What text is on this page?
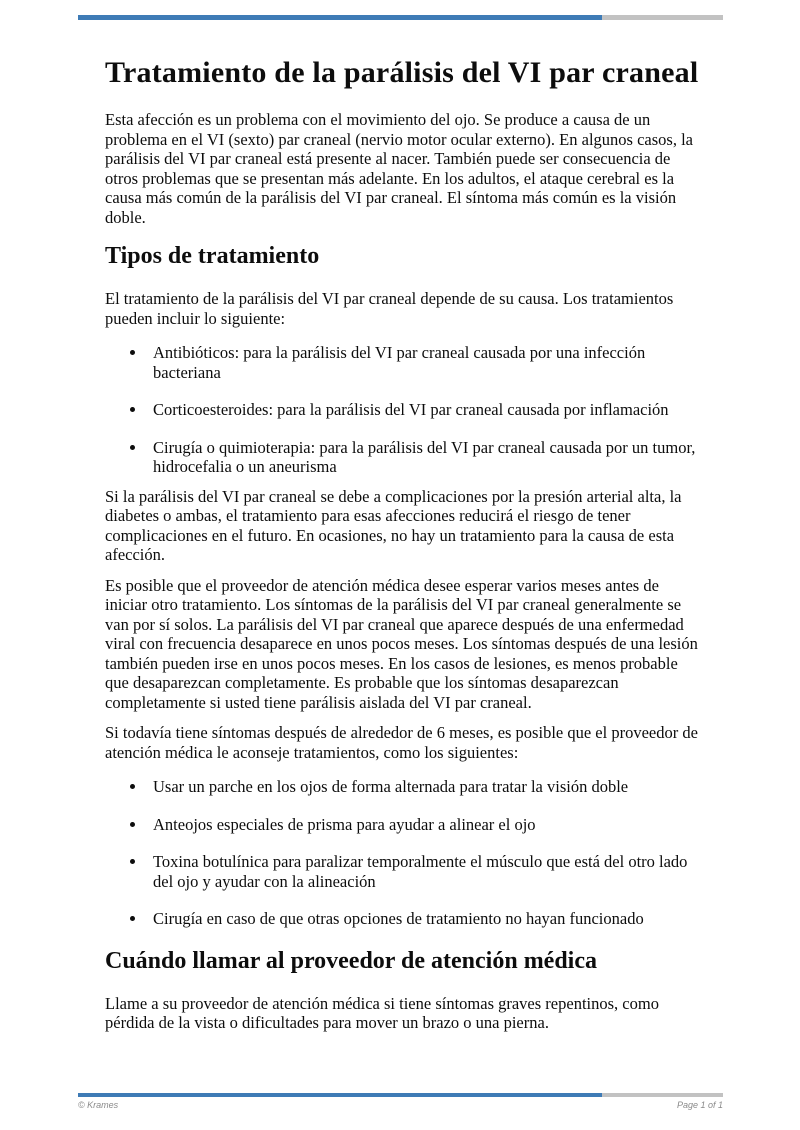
Tratamiento de la parálisis del VI par craneal

Esta afección es un problema con el movimiento del ojo. Se produce a causa de un problema en el VI (sexto) par craneal (nervio motor ocular externo). En algunos casos, la parálisis del VI par craneal está presente al nacer. También puede ser consecuencia de otros problemas que se presentan más adelante. En los adultos, el ataque cerebral es la causa más común de la parálisis del VI par craneal. El síntoma más común es la visión doble.

Tipos de tratamiento

El tratamiento de la parálisis del VI par craneal depende de su causa. Los tratamientos pueden incluir lo siguiente:

• Antibióticos: para la parálisis del VI par craneal causada por una infección bacteriana
• Corticoesteroides: para la parálisis del VI par craneal causada por inflamación
• Cirugía o quimioterapia: para la parálisis del VI par craneal causada por un tumor, hidrocefalia o un aneurisma

Si la parálisis del VI par craneal se debe a complicaciones por la presión arterial alta, la diabetes o ambas, el tratamiento para esas afecciones reducirá el riesgo de tener complicaciones en el futuro. En ocasiones, no hay un tratamiento para la causa de esta afección.

Es posible que el proveedor de atención médica desee esperar varios meses antes de iniciar otro tratamiento. Los síntomas de la parálisis del VI par craneal generalmente se van por sí solos. La parálisis del VI par craneal que aparece después de una enfermedad viral con frecuencia desaparece en unos pocos meses. Los síntomas después de una lesión también pueden irse en unos pocos meses. En los casos de lesiones, es menos probable que desaparezcan completamente. Es probable que los síntomas desaparezcan completamente si usted tiene parálisis aislada del VI par craneal.

Si todavía tiene síntomas después de alrededor de 6 meses, es posible que el proveedor de atención médica le aconseje tratamientos, como los siguientes:

• Usar un parche en los ojos de forma alternada para tratar la visión doble
• Anteojos especiales de prisma para ayudar a alinear el ojo
• Toxina botulínica para paralizar temporalmente el músculo que está del otro lado del ojo y ayudar con la alineación
• Cirugía en caso de que otras opciones de tratamiento no hayan funcionado
Cuándo llamar al proveedor de atención médica

Llame a su proveedor de atención médica si tiene síntomas graves repentinos, como pérdida de la vista o dificultades para mover un brazo o una pierna.

© Krames	Page 1 of 1
